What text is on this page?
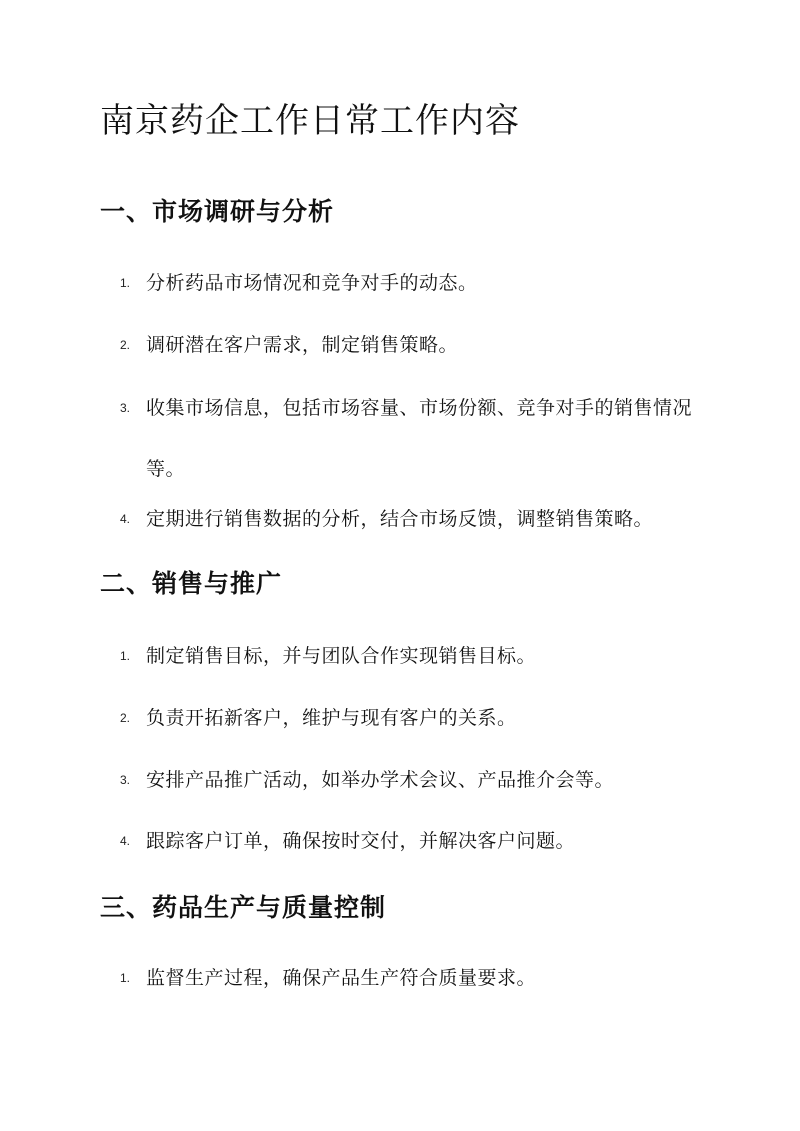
南京药企工作日常工作内容
一、市场调研与分析
1. 分析药品市场情况和竞争对手的动态。
2. 调研潜在客户需求，制定销售策略。
3. 收集市场信息，包括市场容量、市场份额、竞争对手的销售情况等。
4. 定期进行销售数据的分析，结合市场反馈，调整销售策略。
二、销售与推广
1. 制定销售目标，并与团队合作实现销售目标。
2. 负责开拓新客户，维护与现有客户的关系。
3. 安排产品推广活动，如举办学术会议、产品推介会等。
4. 跟踪客户订单，确保按时交付，并解决客户问题。
三、药品生产与质量控制
1. 监督生产过程，确保产品生产符合质量要求。
